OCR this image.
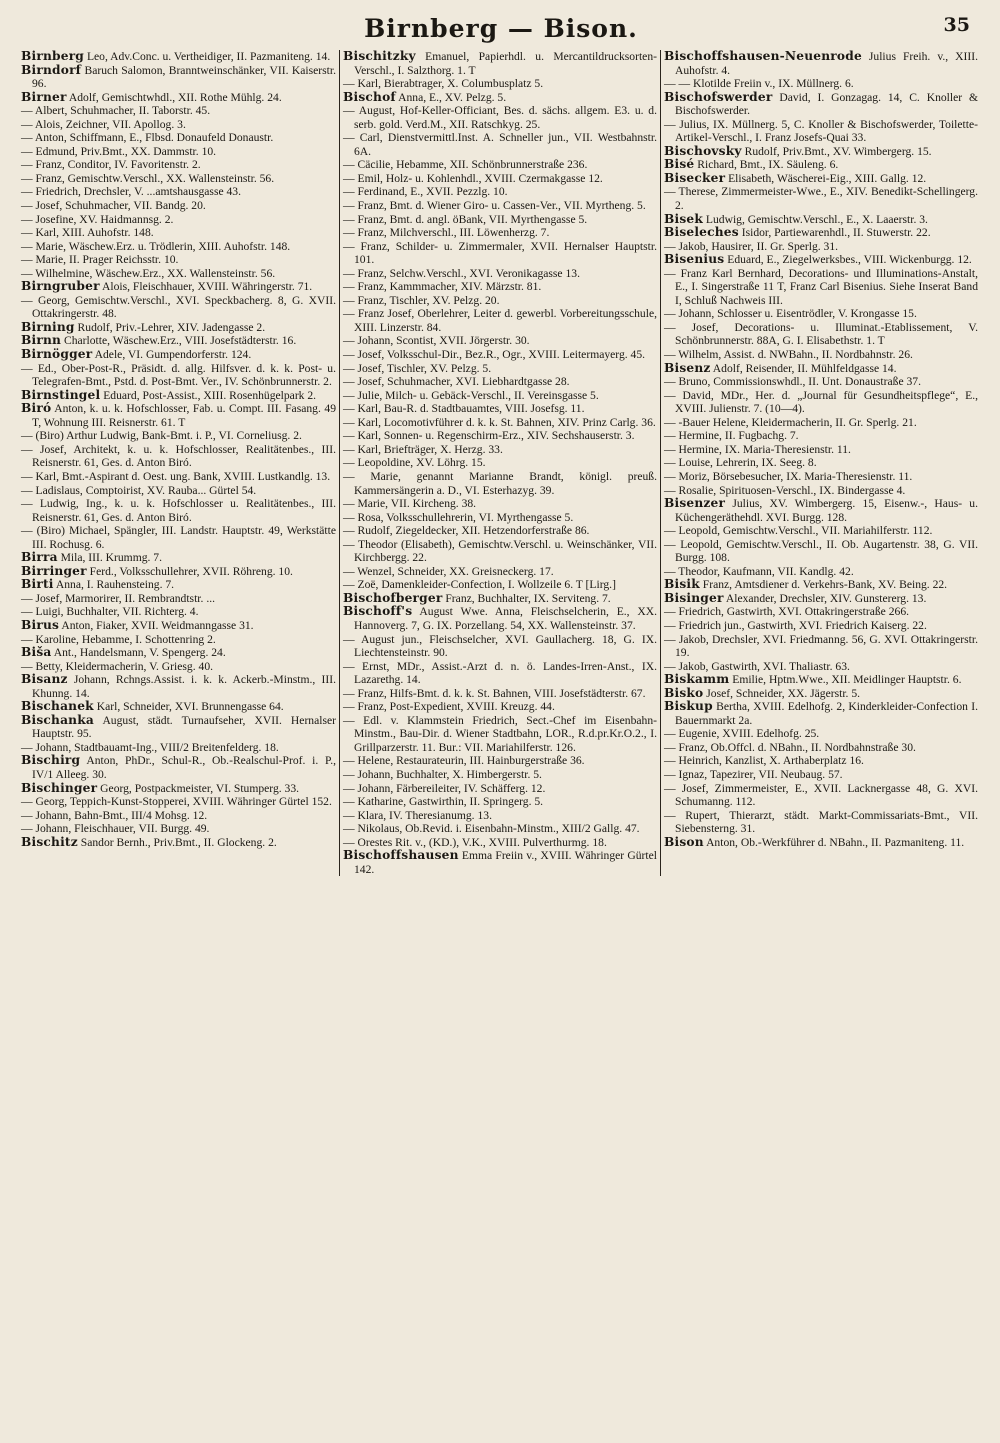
Birnberg — Bison.	35

Birnberg Leo, Adv.Conc. u. Vertheidiger, II. Pazmaniteng. 14.

Birndorf Baruch Salomon, Branntweinschänker, VII. Kaiserstr. 96.

Birner Adolf, Gemischtwhdl., XII. Rothe Mühlg. 24.

— Albert, Schuhmacher, II. Taborstr. 45.

— Alois, Zeichner, VII. Apollog. 3.

— Anton, Schiffmann, E., Flbsd. Donaufeld Donaustr.

— Edmund, Priv.Bmt., XX. Dammstr. 10.

— Franz, Conditor, IV. Favoritenstr. 2.

— Franz, Gemischtw.Verschl., XX. Wallensteinstr. 56.

— Friedrich, Drechsler, V. ...amtshausgasse 43.

— Josef, Schuhmacher, VII. Bandg. 20.

— Josefine, XV. Haidmannsg. 2.

— Karl, XIII. Auhofstr. 148.

— Marie, Wäschew.Erz. u. Trödlerin, XIII. Auhofstr. 148.

— Marie, II. Prager Reichsstr. 10.

— Wilhelmine, Wäschew.Erz., XX. Wallensteinstr. 56.

Birngruber Alois, Fleischhauer, XVIII. Währingerstr. 71.

— Georg, Gemischtw.Verschl., XVI. Speckbacherg. 8, G. XVII. Ottakringerstr. 48.

Birning Rudolf, Priv.-Lehrer, XIV. Jadengasse 2.

Birnn Charlotte, Wäschew.Erz., VIII. Josefstädterstr. 16.

Birnögger Adele, VI. Gumpendorferstr. 124.

— Ed., Ober-Post-R., Präsidt. d. allg. Hilfsver. d. k. k. Post- u. Telegrafen-Bmt., Pstd. d. Post-Bmt. Ver., IV. Schönbrunnerstr. 2.

Birnstingel Eduard, Post-Assist., XIII. Rosenhügelpark 2.

Biró Anton, k. u. k. Hofschlosser, Fab. u. Compt. III. Fasang. 49 T, Wohnung III. Reisnerstr. 61. T

— (Biro) Arthur Ludwig, Bank-Bmt. i. P., VI. Corneliusg. 2.

— Josef, Architekt, k. u. k. Hofschlosser, Realitätenbes., III. Reisnerstr. 61, Ges. d. Anton Biró.

— Karl, Bmt.-Aspirant d. Oest. ung. Bank, XVIII. Lustkandlg. 13.

— Ladislaus, Comptoirist, XV. Rauba... Gürtel 54.

— Ludwig, Ing., k. u. k. Hofschlosser u. Realitätenbes., III. Reisnerstr. 61, Ges. d. Anton Biró.

— (Biro) Michael, Spängler, III. Landstr. Hauptstr. 49, Werkstätte III. Rochusg. 6.

Birra Mila, III. Krummg. 7.

Birringer Ferd., Volksschullehrer, XVII. Röhreng. 10.

Birti Anna, I. Rauhensteing. 7.

— Josef, Marmorirer, II. Rembrandtstr. ...

— Luigi, Buchhalter, VII. Richterg. 4.

Birus Anton, Fiaker, XVII. Weidmanngasse 31.

— Karoline, Hebamme, I. Schottenring 2.

Biša Ant., Handelsmann, V. Spengerg. 24.

— Betty, Kleidermacherin, V. Griesg. 40.

Bisanz Johann, Rchngs.Assist. i. k. k. Ackerb.-Minstm., III. Khunng. 14.

Bischanek Karl, Schneider, XVI. Brunnengasse 64.

Bischanka August, städt. Turnaufseher, XVII. Hernalser Hauptstr. 95.

— Johann, Stadtbauamt-Ing., VIII/2 Breitenfelderg. 18.

Bischirg Anton, PhDr., Schul-R., Ob.-Realschul-Prof. i. P., IV/1 Alleeg. 30.

Bischinger Georg, Postpackmeister, VI. Stumperg. 33.

— Georg, Teppich-Kunst-Stopperei, XVIII. Währinger Gürtel 152.

— Johann, Bahn-Bmt., III/4 Mohsg. 12.

— Johann, Fleischhauer, VII. Burgg. 49.

Bischitz Sandor Bernh., Priv.Bmt., II. Glockeng. 2.

Bischitzky Emanuel, Papierhdl. u. Mercantildrucksorten-Verschl., I. Salzthorg. 1. T

— Karl, Bierabtrager, X. Columbusplatz 5.

Bischof Anna, E., XV. Pelzg. 5.

— August, Hof-Keller-Officiant, Bes. d. sächs. allgem. E3. u. d. serb. gold. Verd.M., XII. Ratschkyg. 25.

— Carl, Dienstvermittl.Inst. A. Schneller jun., VII. Westbahnstr. 6A.

— Cäcilie, Hebamme, XII. Schönbrunnerstraße 236.

— Emil, Holz- u. Kohlenhdl., XVIII. Czermakgasse 12.

— Ferdinand, E., XVII. Pezzlg. 10.

— Franz, Bmt. d. Wiener Giro- u. Cassen-Ver., VII. Myrtheng. 5.

— Franz, Bmt. d. angl. öBank, VII. Myrthengasse 5.

— Franz, Milchverschl., III. Löwenherzg. 7.

— Franz, Schilder- u. Zimmermaler, XVII. Hernalser Hauptstr. 101.

— Franz, Selchw.Verschl., XVI. Veronikagasse 13.

— Franz, Kammmacher, XIV. Märzstr. 81.

— Franz, Tischler, XV. Pelzg. 20.

— Franz Josef, Oberlehrer, Leiter d. gewerbl. Vorbereitungsschule, XIII. Linzerstr. 84.

— Johann, Scontist, XVII. Jörgerstr. 30.

— Josef, Volksschul-Dir., Bez.R., Ogr., XVIII. Leitermayerg. 45.

— Josef, Tischler, XV. Pelzg. 5.

— Josef, Schuhmacher, XVI. Liebhardtgasse 28.

— Julie, Milch- u. Gebäck-Verschl., II. Vereinsgasse 5.

— Karl, Bau-R. d. Stadtbauamtes, VIII. Josefsg. 11.

— Karl, Locomotivführer d. k. k. St. Bahnen, XIV. Prinz Carlg. 36.

— Karl, Sonnen- u. Regenschirm-Erz., XIV. Sechshauserstr. 3.

— Karl, Briefträger, X. Herzg. 33.

— Leopoldine, XV. Löhrg. 15.

— Marie, genannt Marianne Brandt, königl. preuß. Kammersängerin a. D., VI. Esterhazyg. 39.

— Marie, VII. Kircheng. 38.

— Rosa, Volksschullehrerin, VI. Myrthengasse 5.

— Rudolf, Ziegeldecker, XII. Hetzendorferstraße 86.

— Theodor (Elisabeth), Gemischtw.Verschl. u. Weinschänker, VII. Kirchbergg. 22.

— Wenzel, Schneider, XX. Greisneckerg. 17.

— Zoë, Damenkleider-Confection, I. Wollzeile 6. T [Lirg.]

Bischofberger Franz, Buchhalter, IX. Serviteng. 7.

Bischoff's August Wwe. Anna, Fleischselcherin, E., XX. Hannoverg. 7, G. IX. Porzellang. 54, XX. Wallensteinstr. 37.

— August jun., Fleischselcher, XVI. Gaullacherg. 18, G. IX. Liechtensteinstr. 90.

— Ernst, MDr., Assist.-Arzt d. n. ö. Landes-Irren-Anst., IX. Lazarethg. 14.

— Franz, Hilfs-Bmt. d. k. k. St. Bahnen, VIII. Josefstädterstr. 67.

— Franz, Post-Expedient, XVIII. Kreuzg. 44.

— Edl. v. Klammstein Friedrich, Sect.-Chef im Eisenbahn-Minstm., Bau-Dir. d. Wiener Stadtbahn, LOR., R.d.pr.Kr.O.2., I. Grillparzerstr. 11. Bur.: VII. Mariahilferstr. 126.

— Helene, Restaurateurin, III. Hainburgerstraße 36.

— Johann, Buchhalter, X. Himbergerstr. 5.

— Johann, Färbereileiter, IV. Schäfferg. 12.

— Katharine, Gastwirthin, II. Springerg. 5.

— Klara, IV. Theresianumg. 13.

— Nikolaus, Ob.Revid. i. Eisenbahn-Minstm., XIII/2 Gallg. 47.

— Orestes Rit. v., (KD.), V.K., XVIII. Pulverthurmg. 18.

Bischoffshausen Emma Freiin v., XVIII. Währinger Gürtel 142.

Bischoffshausen-Neuenrode Julius Freih. v., XIII. Auhofstr. 4.

— — Klotilde Freiin v., IX. Müllnerg. 6.

Bischofswerder David, I. Gonzagag. 14, C. Knoller & Bischofswerder.

— Julius, IX. Müllnerg. 5, C. Knoller & Bischofswerder, Toilette-Artikel-Verschl., I. Franz Josefs-Quai 33.

Bischovsky Rudolf, Priv.Bmt., XV. Wimbergerg. 15.

Bisé Richard, Bmt., IX. Säuleng. 6.

Bisecker Elisabeth, Wäscherei-Eig., XIII. Gallg. 12.

— Therese, Zimmermeister-Wwe., E., XIV. Benedikt-Schellingerg. 2.

Bisek Ludwig, Gemischtw.Verschl., E., X. Laaerstr. 3.

Biseleches Isidor, Partiewarenhdl., II. Stuwerstr. 22.

— Jakob, Hausirer, II. Gr. Sperlg. 31.

Bisenius Eduard, E., Ziegelwerksbes., VIII. Wickenburgg. 12.

— Franz Karl Bernhard, Decorations- und Illuminations-Anstalt, E., I. Singerstraße 11 T, Franz Carl Bisenius. Siehe Inserat Band I, Schluß Nachweis III.

— Johann, Schlosser u. Eisentrödler, V. Krongasse 15.

— Josef, Decorations- u. Illuminat.-Etablissement, V. Schönbrunnerstr. 88A, G. I. Elisabethstr. 1. T

— Wilhelm, Assist. d. NWBahn., II. Nordbahnstr. 26.

Bisenz Adolf, Reisender, II. Mühlfeldgasse 14.

— Bruno, Commissionswhdl., II. Unt. Donaustraße 37.

— David, MDr., Her. d. „Journal für Gesundheitspflege“, E., XVIII. Julienstr. 7. (10—4).

— -Bauer Helene, Kleidermacherin, II. Gr. Sperlg. 21.

— Hermine, II. Fugbachg. 7.

— Hermine, IX. Maria-Theresienstr. 11.

— Louise, Lehrerin, IX. Seeg. 8.

— Moriz, Börsebesucher, IX. Maria-Theresienstr. 11.

— Rosalie, Spirituosen-Verschl., IX. Bindergasse 4.

Bisenzer Julius, XV. Wimbergerg. 15, Eisenw.-, Haus- u. Küchengeräthehdl. XVI. Burgg. 128.

— Leopold, Gemischtw.Verschl., VII. Mariahilferstr. 112.

— Leopold, Gemischtw.Verschl., II. Ob. Augartenstr. 38, G. VII. Burgg. 108.

— Theodor, Kaufmann, VII. Kandlg. 42.

Bisik Franz, Amtsdiener d. Verkehrs-Bank, XV. Being. 22.

Bisinger Alexander, Drechsler, XIV. Gunstererg. 13.

— Friedrich, Gastwirth, XVI. Ottakringerstraße 266.

— Friedrich jun., Gastwirth, XVI. Friedrich Kaiserg. 22.

— Jakob, Drechsler, XVI. Friedmanng. 56, G. XVI. Ottakringerstr. 19.

— Jakob, Gastwirth, XVI. Thaliastr. 63.

Biskamm Emilie, Hptm.Wwe., XII. Meidlinger Hauptstr. 6.

Bisko Josef, Schneider, XX. Jägerstr. 5.

Biskup Bertha, XVIII. Edelhofg. 2, Kinderkleider-Confection I. Bauernmarkt 2a.

— Eugenie, XVIII. Edelhofg. 25.

— Franz, Ob.Offcl. d. NBahn., II. Nordbahnstraße 30.

— Heinrich, Kanzlist, X. Arthaberplatz 16.

— Ignaz, Tapezirer, VII. Neubaug. 57.

— Josef, Zimmermeister, E., XVII. Lacknergasse 48, G. XVI. Schumanng. 112.

— Rupert, Thierarzt, städt. Markt-Commissariats-Bmt., VII. Siebensterng. 31.

Bison Anton, Ob.-Werkführer d. NBahn., II. Pazmaniteng. 11.
